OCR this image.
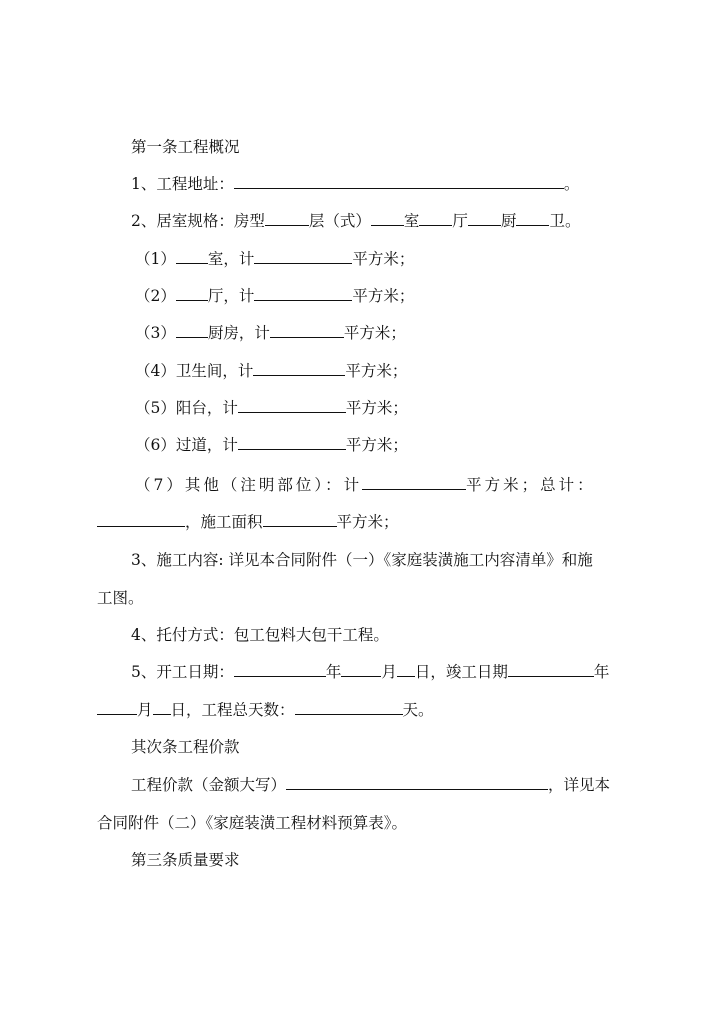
第一条工程概况
1、工程地址：	。
2、居室规格：房型	层（式） 室 厅 厨 卫。
（1） 室，计	平方米；
（2） 厅，计	平方米；
（3） 厨房，计	平方米；
（4）卫生间，计	平方米；
（5）阳台，计	平方米；
（6）过道，计	平方米；
（7）其他（注明部位）：计	平方米；总计：
，施工面积	平方米；
3、施工内容: 详见本合同附件（一）《家庭装潢施工内容清单》和施
工图。
4、托付方式：包工包料大包干工程。
5、开工日期：	年	月 日，竣工日期	年
月 日，工程总天数：	天。
其次条工程价款
工程价款（金额大写）	，详见本
合同附件（二）《家庭装潢工程材料预算表》。
第三条质量要求
